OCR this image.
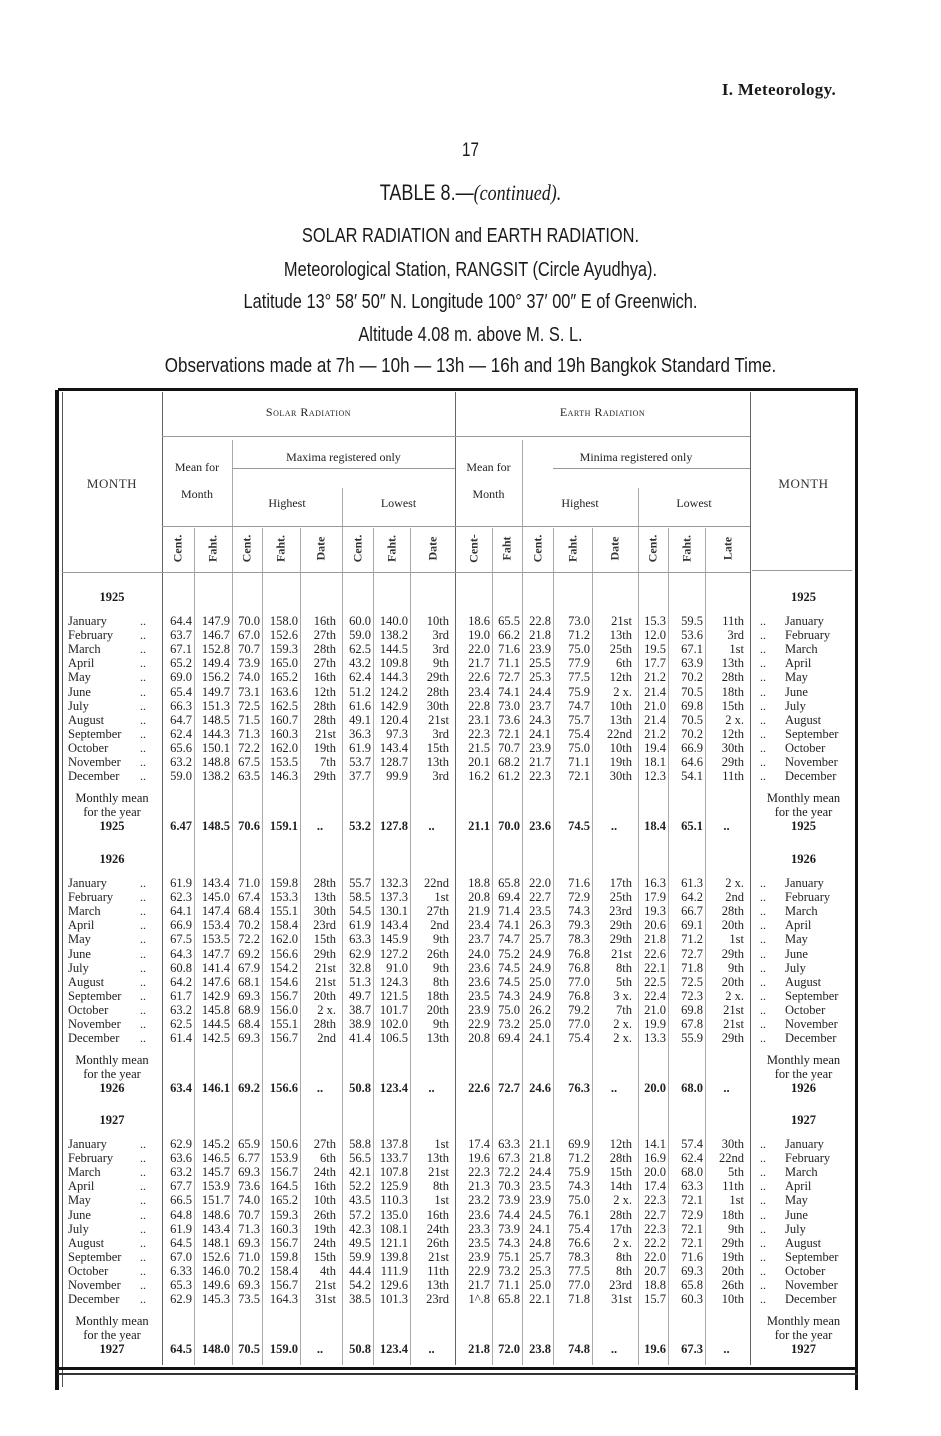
I. Meteorology.
17
TABLE 8.—(continued).
SOLAR RADIATION and EARTH RADIATION.
Meteorological Station, RANGSIT (Circle Ayudhya).
Latitude 13° 58′ 50″ N. Longitude 100° 37′ 00″ E of Greenwich.
Altitude 4.08 m. above M. S. L.
Observations made at 7h — 10h — 13h — 16h and 19h Bangkok Standard Time.
MONTH	MONTH
Solar Radiation	Earth Radiation
Mean for
Month
Maxima registered only
Highest	Lowest
Mean for
Month
Minima registered only
Highest	Lowest
Cent. Faht. Cent. Faht. Date Cent. Faht. Date Cent- Faht Cent. Faht. Date Cent. Faht. Late
1925	1925
January	..	64.4 147.9 70.0 158.0	16th	60.0 140.0	10th	18.6 65.5 22.8	73.0	21st 15.3	59.5	11th .. January
February ..	63.7 146.7 67.0 152.6	27th	59.0 138.2	3rd	19.0 66.2 21.8	71.2	13th 12.0	53.6	3rd .. February
March	..	67.1 152.8 70.7 159.3	28th	62.5 144.5	3rd	22.0 71.6 23.9	75.0	25th 19.5	67.1	1st .. March
April	..	65.2 149.4 73.9 165.0	27th	43.2 109.8	9th	21.7 71.1 25.5	77.9	6th 17.7	63.9	13th .. April
May	..	69.0 156.2 74.0 165.2	16th	62.4 144.3	29th	22.6 72.7 25.3	77.5	12th 21.2	70.2	28th .. May
June	..	65.4 149.7 73.1 163.6	12th	51.2 124.2	28th	23.4 74.1 24.4	75.9	2 x. 21.4	70.5	18th .. June
July	..	66.3 151.3 72.5 162.5	28th	61.6 142.9	30th	22.8 73.0 23.7	74.7	10th 21.0	69.8	15th .. July
August	..	64.7 148.5 71.5 160.7	28th	49.1 120.4	21st	23.1 73.6 24.3	75.7	13th 21.4	70.5	2 x. .. August
September ..	62.4 144.3 71.3 160.3	21st	36.3	97.3	3rd	22.3 72.1 24.1	75.4	22nd 21.2	70.2	12th .. September
October	..	65.6 150.1 72.2 162.0	19th	61.9 143.4	15th	21.5 70.7 23.9	75.0	10th 19.4	66.9	30th .. October
November ..	63.2 148.8 67.5 153.5	7th	53.7 128.7	13th	20.1 68.2 21.7	71.1	19th 18.1	64.6	29th .. November
December ..	59.0 138.2 63.5 146.3	29th	37.7	99.9	3rd	16.2 61.2 22.3	72.1	30th 12.3	54.1	11th .. December
Monthly mean
for the year
1925
Monthly mean
for the year
1925
6.47 148.5 70.6 159.1	..	53.2 127.8	..	21.1 70.0 23.6	74.5	..	18.4	65.1	..
1926	1926
January	..	61.9 143.4 71.0 159.8	28th	55.7 132.3	22nd	18.8 65.8 22.0	71.6	17th 16.3	61.3	2 x. .. January
February ..	62.3 145.0 67.4 153.3	13th	58.5 137.3	1st	20.8 69.4 22.7	72.9	25th 17.9	64.2	2nd .. February
March	..	64.1 147.4 68.4 155.1	30th	54.5 130.1	27th	21.9 71.4 23.5	74.3	23rd 19.3	66.7	28th .. March
April	..	66.9 153.4 70.2 158.4	23rd	61.9 143.4	2nd	23.4 74.1 26.3	79.3	29th 20.6	69.1	20th .. April
May	..	67.5 153.5 72.2 162.0	15th	63.3 145.9	9th	23.7 74.7 25.7	78.3	29th 21.8	71.2	1st .. May
June	..	64.3 147.7 69.2 156.6	29th	62.9 127.2	26th	24.0 75.2 24.9	76.8	21st 22.6	72.7	29th .. June
July	..	60.8 141.4 67.9 154.2	21st	32.8	91.0	9th	23.6 74.5 24.9	76.8	8th 22.1	71.8	9th .. July
August	..	64.2 147.6 68.1 154.6	21st	51.3 124.3	8th	23.6 74.5 25.0	77.0	5th 22.5	72.5	20th .. August
September ..	61.7 142.9 69.3 156.7	20th	49.7 121.5	18th	23.5 74.3 24.9	76.8	3 x. 22.4	72.3	2 x. .. September
October	..	63.2 145.8 68.9 156.0	2 x.	38.7 101.7	20th	23.9 75.0 26.2	79.2	7th 21.0	69.8	21st .. October
November ..	62.5 144.5 68.4 155.1	28th	38.9 102.0	9th	22.9 73.2 25.0	77.0	2 x. 19.9	67.8	21st .. November
December ..	61.4 142.5 69.3 156.7	2nd	41.4 106.5	13th	20.8 69.4 24.1	75.4	2 x. 13.3	55.9	29th .. December
Monthly mean
for the year
1926
Monthly mean
for the year
1926
63.4 146.1 69.2 156.6	..	50.8 123.4	..	22.6 72.7 24.6	76.3	..	20.0	68.0	..
1927	1927
January	..	62.9 145.2 65.9 150.6	27th	58.8 137.8	1st	17.4 63.3 21.1	69.9	12th 14.1	57.4	30th .. January
February ..	63.6 146.5 6.77 153.9	6th	56.5 133.7	13th	19.6 67.3 21.8	71.2	28th 16.9	62.4	22nd .. February
March	..	63.2 145.7 69.3 156.7	24th	42.1 107.8	21st	22.3 72.2 24.4	75.9	15th 20.0	68.0	5th .. March
April	..	67.7 153.9 73.6 164.5	16th	52.2 125.9	8th	21.3 70.3 23.5	74.3	14th 17.4	63.3	11th .. April
May	..	66.5 151.7 74.0 165.2	10th	43.5 110.3	1st	23.2 73.9 23.9	75.0	2 x. 22.3	72.1	1st .. May
June	..	64.8 148.6 70.7 159.3	26th	57.2 135.0	16th	23.6 74.4 24.5	76.1	28th 22.7	72.9	18th .. June
July	..	61.9 143.4 71.3 160.3	19th	42.3 108.1	24th	23.3 73.9 24.1	75.4	17th 22.3	72.1	9th .. July
August	..	64.5 148.1 69.3 156.7	24th	49.5 121.1	26th	23.5 74.3 24.8	76.6	2 x. 22.2	72.1	29th .. August
September ..	67.0 152.6 71.0 159.8	15th	59.9 139.8	21st	23.9 75.1 25.7	78.3	8th 22.0	71.6	19th .. September
October	..	6.33 146.0 70.2 158.4	4th	44.4 111.9	11th	22.9 73.2 25.3	77.5	8th 20.7	69.3	20th .. October
November ..	65.3 149.6 69.3 156.7	21st	54.2 129.6	13th	21.7 71.1 25.0	77.0	23rd 18.8	65.8	26th .. November
December ..	62.9 145.3 73.5 164.3	31st	38.5 101.3	23rd	1^.8 65.8 22.1	71.8	31st 15.7	60.3	10th .. December
Monthly mean
for the year
1927
Monthly mean
for the year
1927
64.5 148.0 70.5 159.0	..	50.8 123.4	..	21.8 72.0 23.8	74.8	..	19.6	67.3	..
